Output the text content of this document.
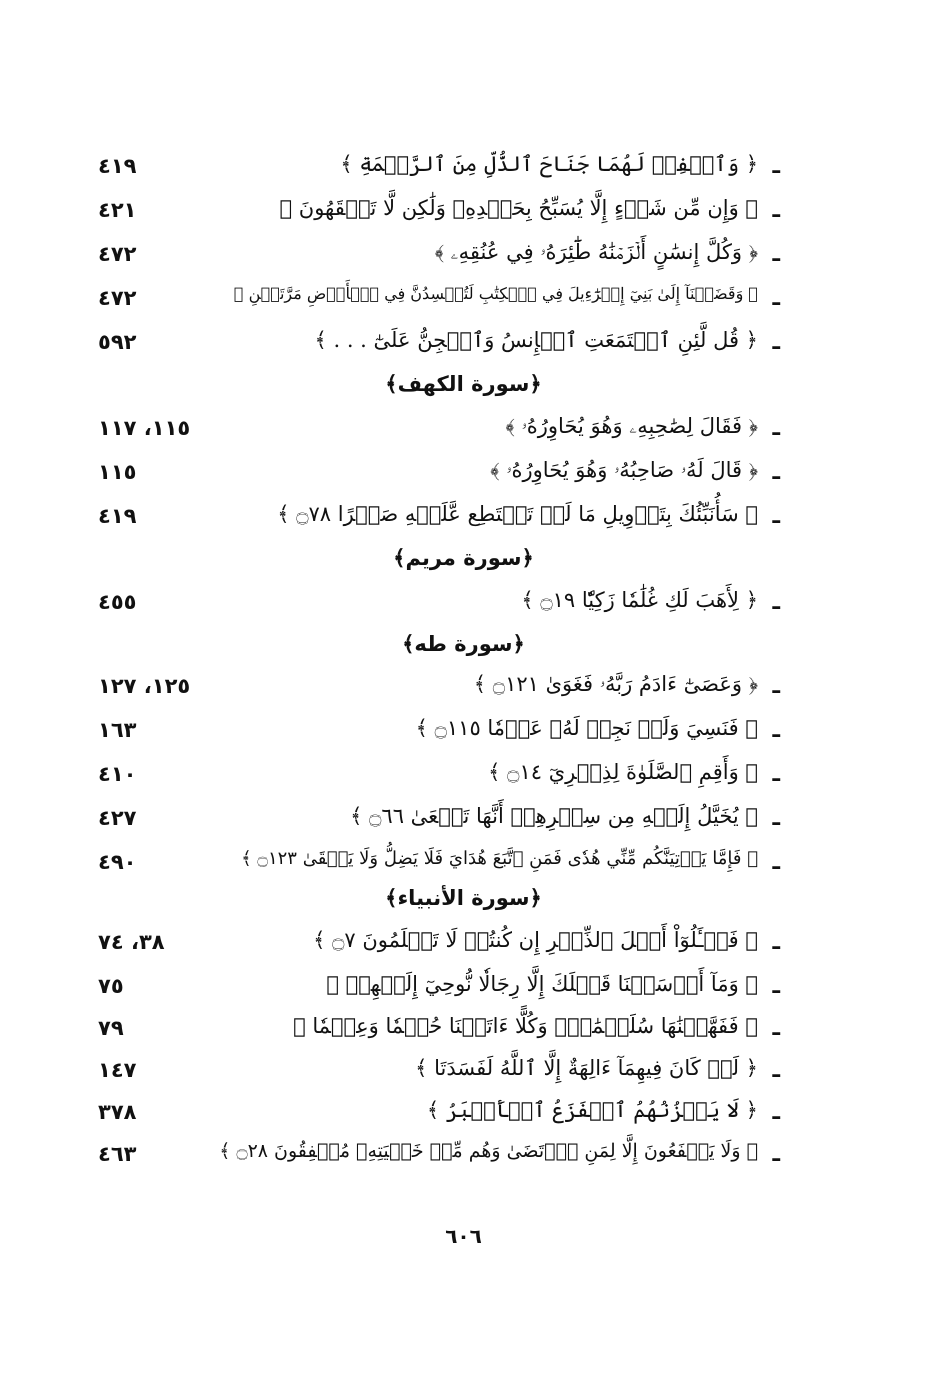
ـ
﴿ وَٱخۡفِضۡ لَهُمَا جَنَاحَ ٱلذُّلِّ مِنَ ٱلرَّحۡمَةِ ﴾
٤١٩
ـ
﴿ وَإِن مِّن شَيۡءٍ إِلَّا يُسَبِّحُ بِحَمۡدِهِۦ وَلَٰكِن لَّا تَفۡقَهُونَ ﴾
٤٢١
ـ
﴿ وَكُلَّ إِنسَٰنٍ أَلۡزَمۡنَٰهُ طَٰٓئِرَهُۥ فِي عُنُقِهِۦ ﴾
٤٧٢
ـ
﴿ وَقَضَيۡنَآ إِلَىٰ بَنِيٓ إِسۡرَٰٓءِيلَ فِي ٱلۡكِتَٰبِ لَتُفۡسِدُنَّ فِي ٱلۡأَرۡضِ مَرَّتَيۡنِ ﴾
٤٧٢
ـ
﴿ قُل لَّئِنِ ٱجۡتَمَعَتِ ٱلۡإِنسُ وَٱلۡجِنُّ عَلَىٰٓ . . . ﴾
٥٩٢
﴿سورة الكهف﴾
ـ
﴿ فَقَالَ لِصَٰحِبِهِۦ وَهُوَ يُحَاوِرُهُۥ ﴾
١١٥، ١١٧
ـ
﴿ قَالَ لَهُۥ صَاحِبُهُۥ وَهُوَ يُحَاوِرُهُۥ ﴾
١١٥
ـ
﴿ سَأُنَبِّئُكَ بِتَأۡوِيلِ مَا لَمۡ تَسۡتَطِع عَّلَيۡهِ صَبۡرًا ۝٧٨ ﴾
٤١٩
﴿سورة مريم﴾
ـ
﴿ لِأَهَبَ لَكِ غُلَٰمٗا زَكِيّٗا ۝١٩ ﴾
٤٥٥
﴿سورة طه﴾
ـ
﴿ وَعَصَىٰٓ ءَادَمُ رَبَّهُۥ فَغَوَىٰ ۝١٢١ ﴾
١٢٥، ١٢٧
ـ
﴿ فَنَسِيَ وَلَمۡ نَجِدۡ لَهُۥ عَزۡمٗا ۝١١٥ ﴾
١٦٣
ـ
﴿ وَأَقِمِ ٱلصَّلَوٰةَ لِذِكۡرِيٓ ۝١٤ ﴾
٤١٠
ـ
﴿ يُخَيَّلُ إِلَيۡهِ مِن سِحۡرِهِمۡ أَنَّهَا تَسۡعَىٰ ۝٦٦ ﴾
٤٢٧
ـ
﴿ فَإِمَّا يَأۡتِيَنَّكُم مِّنِّي هُدٗى فَمَنِ ٱتَّبَعَ هُدَايَ فَلَا يَضِلُّ وَلَا يَشۡقَىٰ ۝١٢٣ ﴾
٤٩٠
﴿سورة الأنبياء﴾
ـ
﴿ فَسۡـَٔلُوٓاْ أَهۡلَ ٱلذِّكۡرِ إِن كُنتُمۡ لَا تَعۡلَمُونَ ۝٧ ﴾
٣٨، ٧٤
ـ
﴿ وَمَآ أَرۡسَلۡنَا قَبۡلَكَ إِلَّا رِجَالٗا نُّوحِيٓ إِلَيۡهِمۡ ﴾
٧٥
ـ
﴿ فَفَهَّمۡنَٰهَا سُلَيۡمَٰنَۚ وَكُلًّا ءَاتَيۡنَا حُكۡمٗا وَعِلۡمٗا ﴾
٧٩
ـ
﴿ لَوۡ كَانَ فِيهِمَآ ءَالِهَةٌ إِلَّا ٱللَّهُ لَفَسَدَتَا ﴾
١٤٧
ـ
﴿ لَا يَحۡزُنُهُمُ ٱلۡفَزَعُ ٱلۡأَكۡبَرُ ﴾
٣٧٨
ـ
﴿ وَلَا يَشۡفَعُونَ إِلَّا لِمَنِ ٱرۡتَضَىٰ وَهُم مِّنۡ خَشۡيَتِهِۦ مُشۡفِقُونَ ۝٢٨ ﴾
٤٦٣
٦٠٦
